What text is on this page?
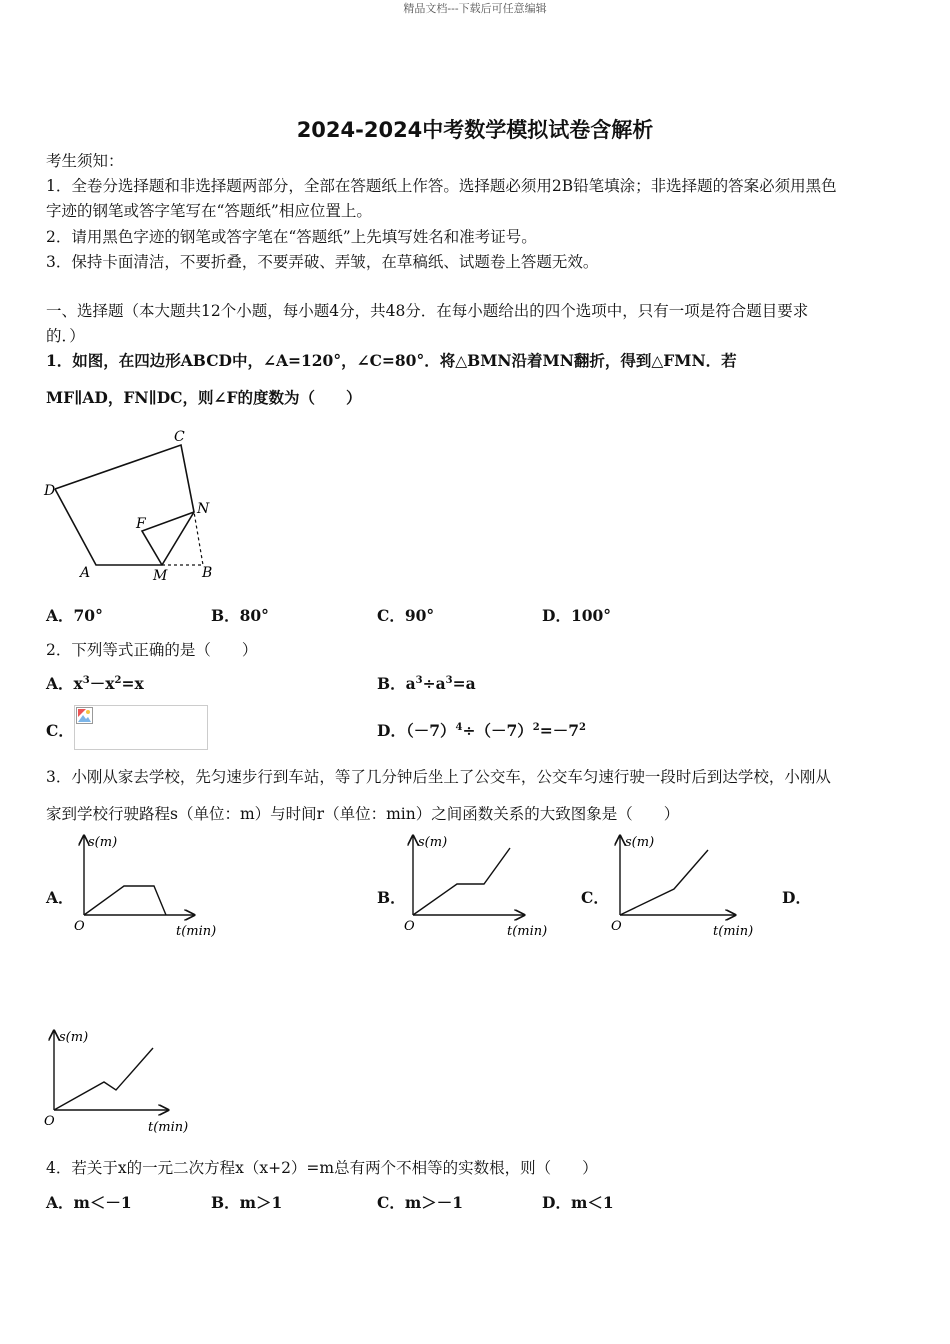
精品文档---下载后可任意编辑
2024-2024中考数学模拟试卷含解析
考生须知：
1．全卷分选择题和非选择题两部分，全部在答题纸上作答。选择题必须用2B铅笔填涂；非选择题的答案必须用黑色
字迹的钢笔或答字笔写在“答题纸”相应位置上。
2．请用黑色字迹的钢笔或答字笔在“答题纸”上先填写姓名和准考证号。
3．保持卡面清洁，不要折叠，不要弄破、弄皱，在草稿纸、试题卷上答题无效。
一、选择题（本大题共12个小题，每小题4分，共48分．在每小题给出的四个选项中，只有一项是符合题目要求
的．）
1．如图，在四边形ABCD中，∠A=120°，∠C=80°．将△BMN沿着MN翻折，得到△FMN．若
MF∥AD，FN∥DC，则∠F的度数为（　　）
C
D
N
F
A	M B
A．70°	B．80°	C．90°	D．100°
2．下列等式正确的是（　　）
A．$x^3-x^2=x$	B．$a^3\div a^3=a$
C．	D．$(-7)^4\div(-7)^2=-7^2$
3．小刚从家去学校，先匀速步行到车站，等了几分钟后坐上了公交车，公交车匀速行驶一段时后到达学校，小刚从
家到学校行驶路程s（单位：m）与时间r（单位：min）之间函数关系的大致图象是（　　）
A．	B．	C．	D．
s(m)
O	t(min)
s(m)
O	t(min)
s(m)
O	t(min)
s(m)
O	t(min)
4．若关于x的一元二次方程x（x+2）=m总有两个不相等的实数根，则（　　）
A．m＜－1	B．m＞1	C．m＞－1	D．m＜1
